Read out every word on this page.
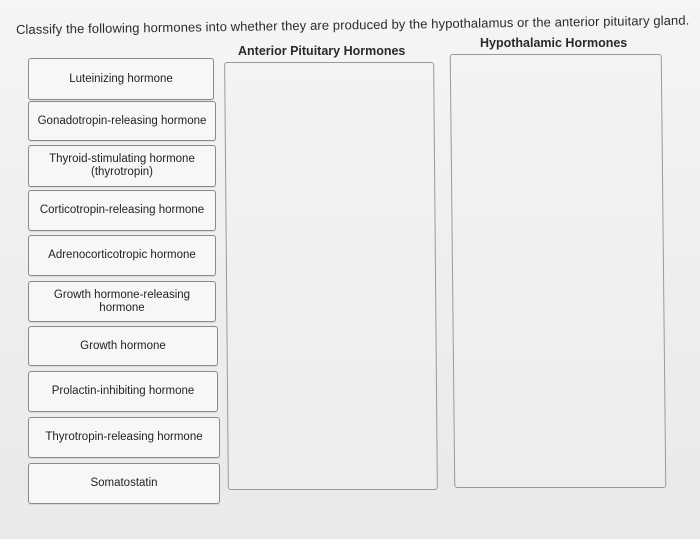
Classify the following hormones into whether they are produced by the hypothalamus or the anterior pituitary gland.
Anterior Pituitary Hormones
Hypothalamic Hormones
Luteinizing hormone
Gonadotropin-releasing hormone
Thyroid-stimulating hormone
(thyrotropin)
Corticotropin-releasing hormone
Adrenocorticotropic hormone
Growth hormone-releasing
hormone
Growth hormone
Prolactin-inhibiting hormone
Thyrotropin-releasing hormone
Somatostatin
